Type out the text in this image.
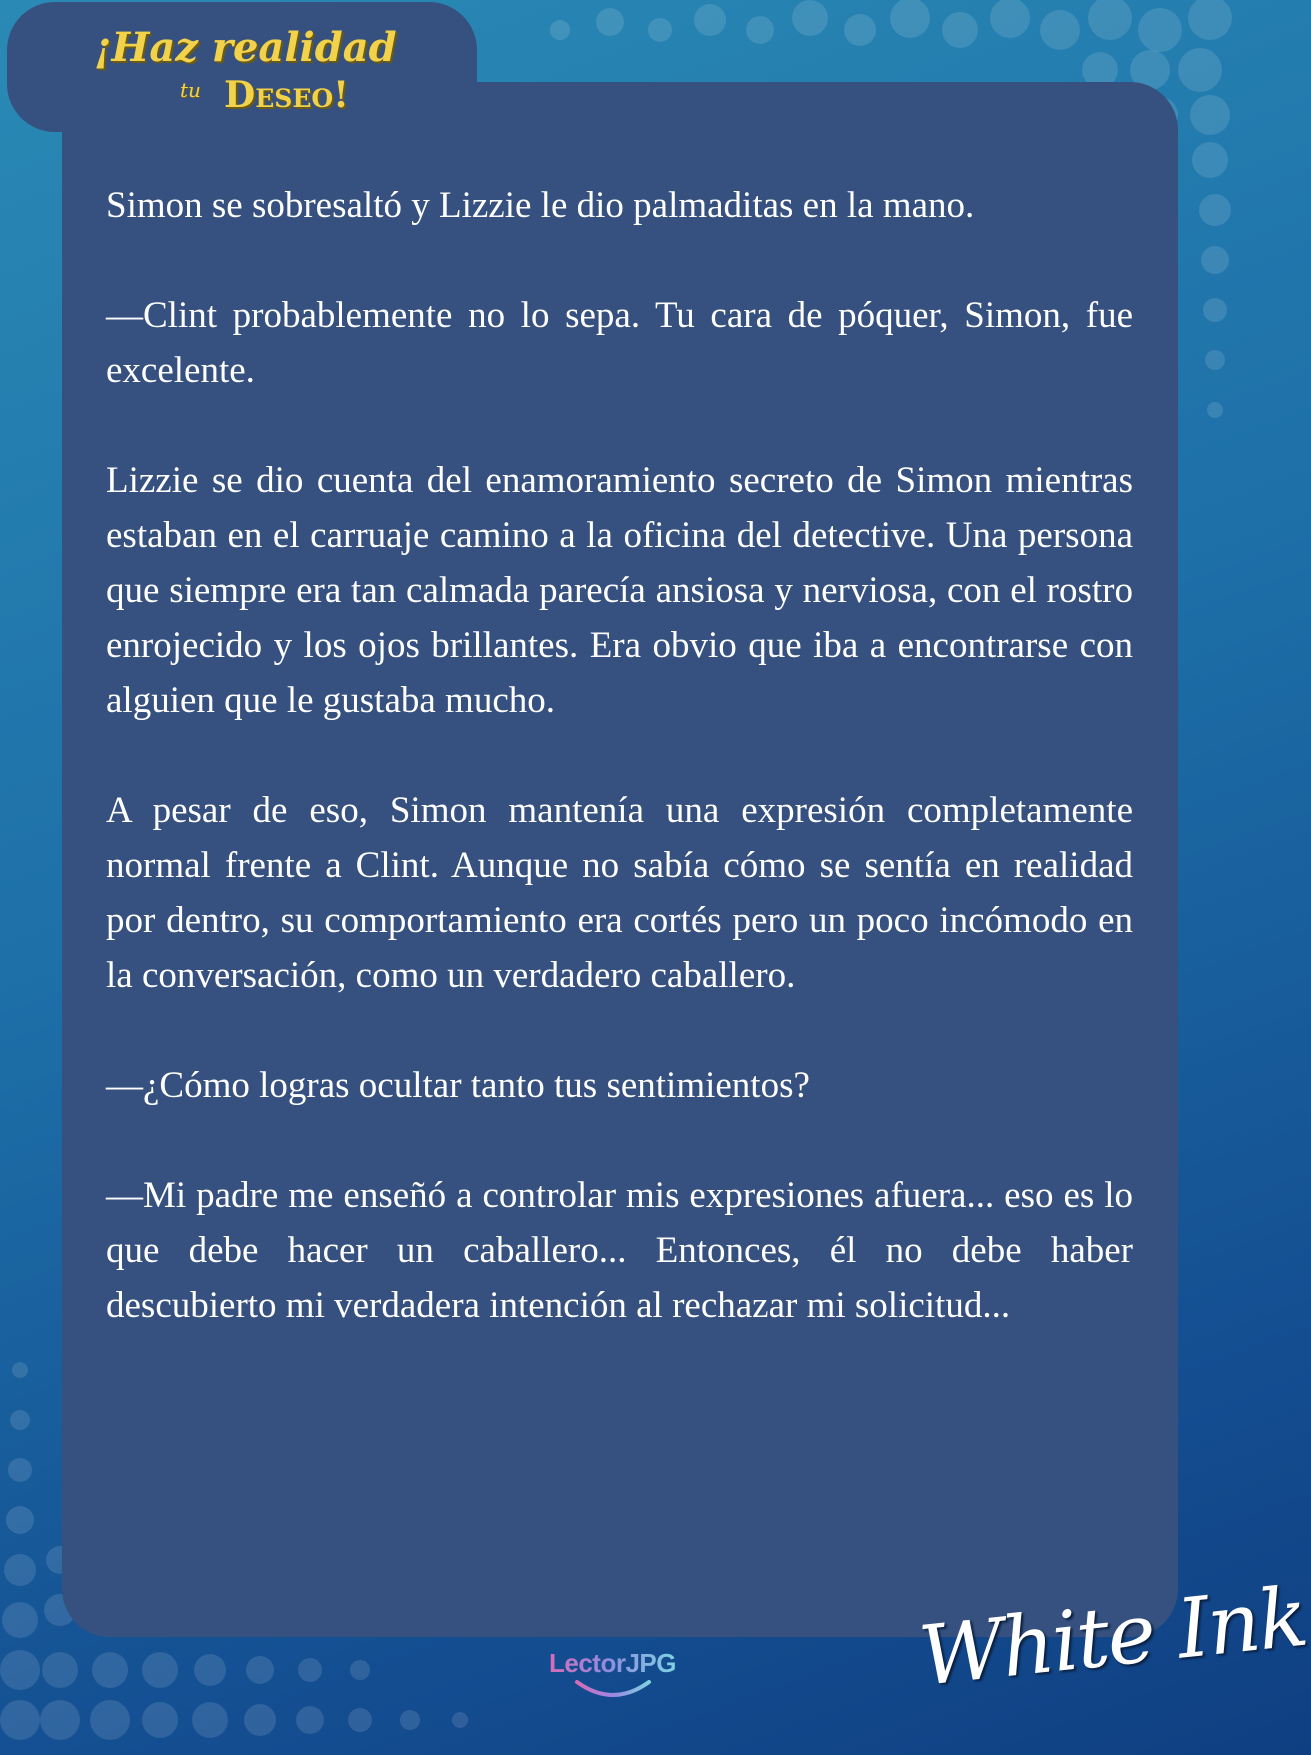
¡Haz realidad
tu Deseo!

Simon se sobresaltó y Lizzie le dio palmaditas en la mano.

—Clint probablemente no lo sepa. Tu cara de póquer, Simon, fue excelente.

Lizzie se dio cuenta del enamoramiento secreto de Simon mientras estaban en el carruaje camino a la oficina del detective. Una persona que siempre era tan calmada parecía ansiosa y nerviosa, con el rostro enrojecido y los ojos brillantes. Era obvio que iba a encontrarse con alguien que le gustaba mucho.

A pesar de eso, Simon mantenía una expresión completamente normal frente a Clint. Aunque no sabía cómo se sentía en realidad por dentro, su comportamiento era cortés pero un poco incómodo en la conversación, como un verdadero caballero.

—¿Cómo logras ocultar tanto tus sentimientos?

—Mi padre me enseñó a controlar mis expresiones afuera... eso es lo que debe hacer un caballero... Entonces, él no debe haber descubierto mi verdadera intención al rechazar mi solicitud...

LectorJPG	White Ink
